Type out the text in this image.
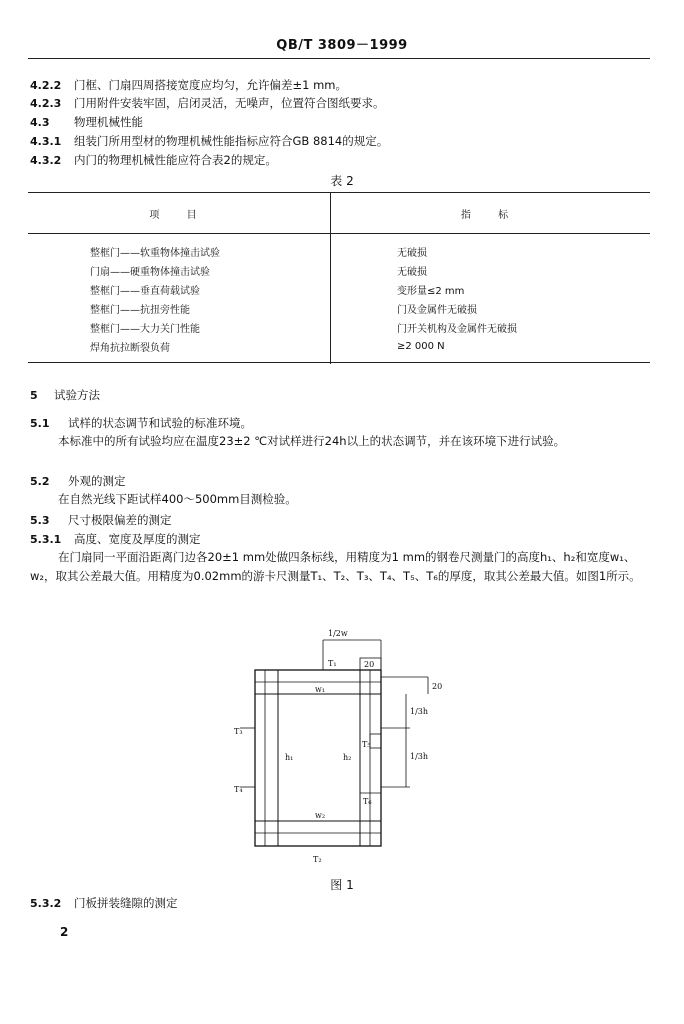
QB/T 3809－1999
4.2.2 门框、门扇四周搭接宽度应均匀，允许偏差±1 mm。
4.2.3 门用附件安装牢固，启闭灵活，无噪声，位置符合图纸要求。
4.3 物理机械性能
4.3.1 组装门所用型材的物理机械性能指标应符合GB 8814的规定。
4.3.2 内门的物理机械性能应符合表2的规定。
表 2
项 目	指 标
整框门——软重物体撞击试验	无破损
门扇——硬重物体撞击试验	无破损
整框门——垂直荷载试验	变形量≤2 mm
整框门——抗扭旁性能	门及金属件无破损
整框门——大力关门性能	门开关机构及金属件无破损
焊角抗拉断裂负荷	≥2 000 N
5 试验方法
5.1 试样的状态调节和试验的标准环境。
本标准中的所有试验均应在温度23±2 ℃对试样进行24h以上的状态调节，并在该环境下进行试验。
5.2 外观的测定
在自然光线下距试样400～500mm目测检验。
5.3 尺寸极限偏差的测定
5.3.1 高度、宽度及厚度的测定
在门扇同一平面沿距离门边各20±1 mm处做四条标线，用精度为1 mm的钢卷尺测量门的高度h₁、h₂和宽度w₁、w₂，取其公差最大值。用精度为0.02mm的游卡尺测量T₁、T₂、T₃、T₄、T₅、T₆的厚度，取其公差最大值。如图1所示。
1/2w
T₁	20
20
1/3h
1/3h
h₁	h₂
w₁
w₂
T₃
T₄
T₅
T₆
T₂
图 1
5.3.2 门板拼装缝隙的测定
2
